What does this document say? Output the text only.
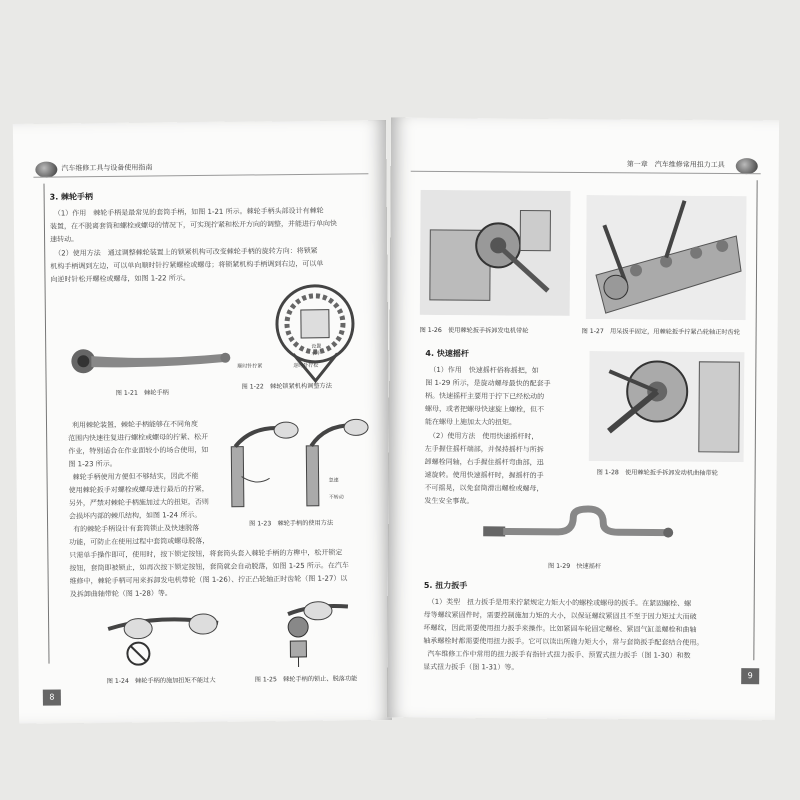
汽车维修工具与设备使用指南
3. 棘轮手柄
（1）作用　棘轮手柄是最常见的套筒手柄，如图 1-21 所示。棘轮手柄头部设计有棘轮
装置，在不脱离套筒和螺栓或螺母的情况下，可实现拧紧和松开方向的调整，并能进行单向快
速转动。
（2）使用方法　通过调整棘轮装置上的锁紧机构可改变棘轮手柄的旋转方向：将锁紧
机构手柄调到左边，可以单向顺时针拧紧螺栓或螺母；将锁紧机构手柄调到右边，可以单
向逆时针松开螺栓或螺母，如图 1-22 所示。
图 1-21　棘轮手柄
设置
水平
顺时针拧紧	逆时针拧松
图 1-22　棘轮锁紧机构调整方法
利用棘轮装置，棘轮手柄能够在不同角度
范围内快速往复进行螺栓或螺母的拧紧、松开
作业，特别适合在作业面较小的场合使用，如
图 1-23 所示。
棘轮手柄使用方便但不够结实，因此不能
使用棘轮扳手对螺栓或螺母进行最后的拧紧，
另外，严禁对棘轮手柄施加过大的扭矩，否则
会损坏内部的棘爪结构，如图 1-24 所示。
有的棘轮手柄设计有套筒锁止及快速脱落
功能，可防止在使用过程中套筒或螺母脱落，
忽速
不转动
图 1-23　棘轮手柄的使用方法
只需单手操作即可，使用时，按下锁定按钮，将套筒头套入棘轮手柄的方榫中，松开锁定
按钮，套筒即被锁止，如再次按下锁定按钮，套筒就会自动脱落，如图 1-25 所示。在汽车
维修中，棘轮手柄可用来拆卸发电机带轮（图 1-26）、拧正凸轮轴正时齿轮（图 1-27）以
及拆卸曲轴带轮（图 1-28）等。
图 1-24　棘轮手柄的施加扭矩不能过大	图 1-25　棘轮手柄的锁止、脱落功能
8
第一章　汽车维修常用扭力工具
图 1-26　使用棘轮扳手拆卸发电机带轮	图 1-27　用呆扳手固定，用棘轮扳手拧紧凸轮轴正时齿轮
4. 快速摇杆
（1）作用　快速摇杆俗称摇把，如
图 1-29 所示，是旋动螺母最快的配套手
柄。快速摇杆主要用于拧下已经松动的
螺母，或者把螺母快速旋上螺栓，但不
能在螺母上施加太大的扭矩。
（2）使用方法　使用快速摇杆时，
左手握住摇杆端部，并保持摇杆与所拆
卸螺栓同轴，右手握住摇杆弯曲部，迅
速旋转。使用快速摇杆时，握摇杆的手
不可摇晃，以免套筒滑出螺栓或螺母，
发生安全事故。
图 1-28　使用棘轮扳手拆卸发动机曲轴带轮
图 1-29　快速摇杆
5. 扭力扳手
（1）类型　扭力扳手是用来拧紧规定力矩大小的螺栓或螺母的扳手。在紧固螺栓、螺
母等螺纹紧固件时，需要控制施加力矩的大小，以保证螺纹紧固且不至于因力矩过大而破
坏螺纹，因此需要使用扭力扳手来操作。比如紧固车轮固定螺栓、紧固气缸盖螺栓和曲轴
轴承螺栓时都需要使用扭力扳手。它可以读出所施力矩大小，常与套筒扳手配套结合使用。
汽车维修工作中常用的扭力扳手有指针式扭力扳手、预置式扭力扳手（图 1-30）和数
显式扭力扳手（图 1-31）等。
9
